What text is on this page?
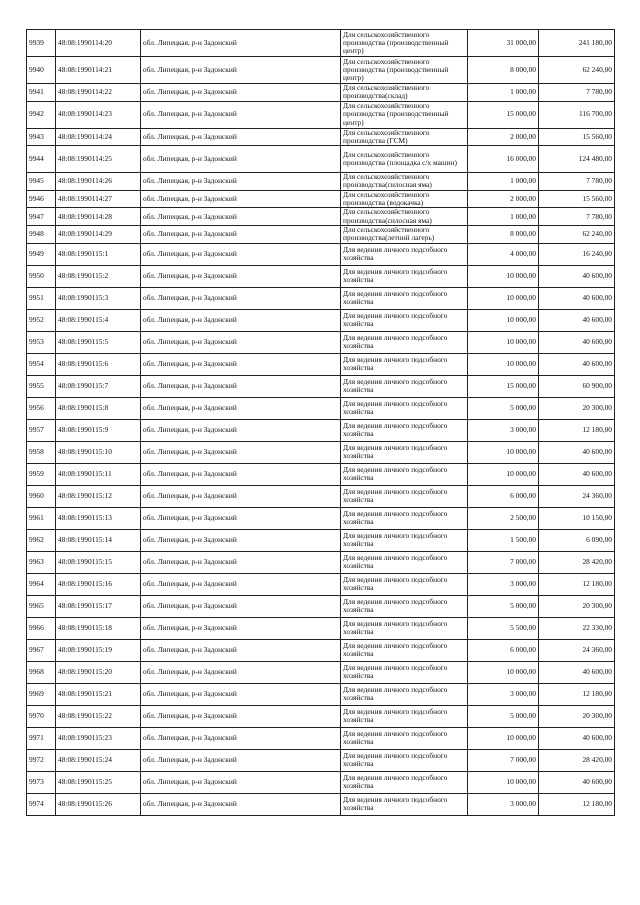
9939	48:08:1990114:20	обл. Липецкая, р-н Задонский	Для сельскохозяйственного производства (производственный центр)	31 000,00	241 180,00
9940	48:08:1990114:21	обл. Липецкая, р-н Задонский	Для сельскохозяйственного производства (производственный центр)	8 000,00	62 240,00
9941	48:08:1990114:22	обл. Липецкая, р-н Задонский	Для сельскохозяйственного производства(склад)	1 000,00	7 780,00
9942	48:08:1990114:23	обл. Липецкая, р-н Задонский	Для сельскохозяйственного производства (производственный центр)	15 000,00	116 700,00
9943	48:08:1990114:24	обл. Липецкая, р-н Задонский	Для сельскохозяйственного производства (ГСМ)	2 000,00	15 560,00
9944	48:08:1990114:25	обл. Липецкая, р-н Задонский	Для сельскохозяйственного производства (площадка с/х машин)	16 000,00	124 480,00
9945	48:08:1990114:26	обл. Липецкая, р-н Задонский	Для сельскохозяйственного производства(силосная яма)	1 000,00	7 780,00
9946	48:08:1990114:27	обл. Липецкая, р-н Задонский	Для сельскохозяйственного производства (водокачка)	2 000,00	15 560,00
9947	48:08:1990114:28	обл. Липецкая, р-н Задонский	Для сельскохозяйственного производства(силосная яма)	1 000,00	7 780,00
9948	48:08:1990114:29	обл. Липецкая, р-н Задонский	Для сельскохозяйственного производства(летний лагерь)	8 000,00	62 240,00
9949	48:08:1990115:1	обл. Липецкая, р-н Задонский	Для ведения личного подсобного хозяйства	4 000,00	16 240,00
9950	48:08:1990115:2	обл. Липецкая, р-н Задонский	Для ведения личного подсобного хозяйства	10 000,00	40 600,00
9951	48:08:1990115:3	обл. Липецкая, р-н Задонский	Для ведения личного подсобного хозяйства	10 000,00	40 600,00
9952	48:08:1990115:4	обл. Липецкая, р-н Задонский	Для ведения личного подсобного хозяйства	10 000,00	40 600,00
9953	48:08:1990115:5	обл. Липецкая, р-н Задонский	Для ведения личного подсобного хозяйства	10 000,00	40 600,00
9954	48:08:1990115:6	обл. Липецкая, р-н Задонский	Для ведения личного подсобного хозяйства	10 000,00	40 600,00
9955	48:08:1990115:7	обл. Липецкая, р-н Задонский	Для ведения личного подсобного хозяйства	15 000,00	60 900,00
9956	48:08:1990115:8	обл. Липецкая, р-н Задонский	Для ведения личного подсобного хозяйства	5 000,00	20 300,00
9957	48:08:1990115:9	обл. Липецкая, р-н Задонский	Для ведения личного подсобного хозяйства	3 000,00	12 180,00
9958	48:08:1990115:10	обл. Липецкая, р-н Задонский	Для ведения личного подсобного хозяйства	10 000,00	40 600,00
9959	48:08:1990115:11	обл. Липецкая, р-н Задонский	Для ведения личного подсобного хозяйства	10 000,00	40 600,00
9960	48:08:1990115:12	обл. Липецкая, р-н Задонский	Для ведения личного подсобного хозяйства	6 000,00	24 360,00
9961	48:08:1990115:13	обл. Липецкая, р-н Задонский	Для ведения личного подсобного хозяйства	2 500,00	10 150,00
9962	48:08:1990115:14	обл. Липецкая, р-н Задонский	Для ведения личного подсобного хозяйства	1 500,00	6 090,00
9963	48:08:1990115:15	обл. Липецкая, р-н Задонский	Для ведения личного подсобного хозяйства	7 000,00	28 420,00
9964	48:08:1990115:16	обл. Липецкая, р-н Задонский	Для ведения личного подсобного хозяйства	3 000,00	12 180,00
9965	48:08:1990115:17	обл. Липецкая, р-н Задонский	Для ведения личного подсобного хозяйства	5 000,00	20 300,00
9966	48:08:1990115:18	обл. Липецкая, р-н Задонский	Для ведения личного подсобного хозяйства	5 500,00	22 330,00
9967	48:08:1990115:19	обл. Липецкая, р-н Задонский	Для ведения личного подсобного хозяйства	6 000,00	24 360,00
9968	48:08:1990115:20	обл. Липецкая, р-н Задонский	Для ведения личного подсобного хозяйства	10 000,00	40 600,00
9969	48:08:1990115:21	обл. Липецкая, р-н Задонский	Для ведения личного подсобного хозяйства	3 000,00	12 180,00
9970	48:08:1990115:22	обл. Липецкая, р-н Задонский	Для ведения личного подсобного хозяйства	5 000,00	20 300,00
9971	48:08:1990115:23	обл. Липецкая, р-н Задонский	Для ведения личного подсобного хозяйства	10 000,00	40 600,00
9972	48:08:1990115:24	обл. Липецкая, р-н Задонский	Для ведения личного подсобного хозяйства	7 000,00	28 420,00
9973	48:08:1990115:25	обл. Липецкая, р-н Задонский	Для ведения личного подсобного хозяйства	10 000,00	40 600,00
9974	48:08:1990115:26	обл. Липецкая, р-н Задонский	Для ведения личного подсобного хозяйства	3 000,00	12 180,00
